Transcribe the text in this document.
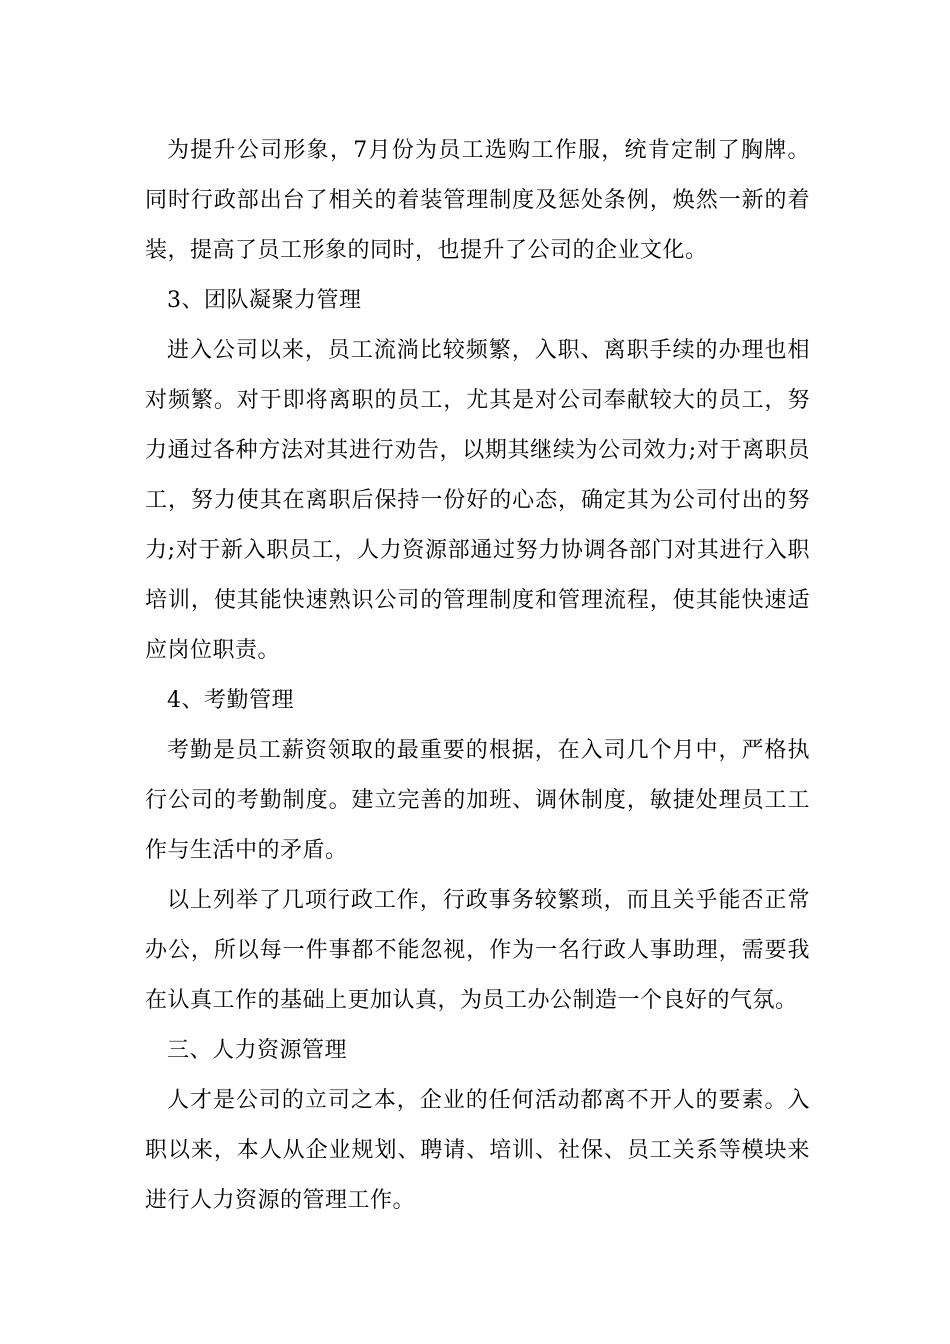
为提升公司形象，7月份为员工选购工作服，统肯定制了胸牌。同时行政部出台了相关的着装管理制度及惩处条例，焕然一新的着装，提高了员工形象的同时，也提升了公司的企业文化。

3、团队凝聚力管理

进入公司以来，员工流淌比较频繁，入职、离职手续的办理也相对频繁。对于即将离职的员工，尤其是对公司奉献较大的员工，努力通过各种方法对其进行劝告，以期其继续为公司效力;对于离职员工，努力使其在离职后保持一份好的心态，确定其为公司付出的努力;对于新入职员工，人力资源部通过努力协调各部门对其进行入职培训，使其能快速熟识公司的管理制度和管理流程，使其能快速适应岗位职责。

4、考勤管理

考勤是员工薪资领取的最重要的根据，在入司几个月中，严格执行公司的考勤制度。建立完善的加班、调休制度，敏捷处理员工工作与生活中的矛盾。

以上列举了几项行政工作，行政事务较繁琐，而且关乎能否正常办公，所以每一件事都不能忽视，作为一名行政人事助理，需要我在认真工作的基础上更加认真，为员工办公制造一个良好的气氛。

三、人力资源管理

人才是公司的立司之本，企业的任何活动都离不开人的要素。入职以来，本人从企业规划、聘请、培训、社保、员工关系等模块来进行人力资源的管理工作。
